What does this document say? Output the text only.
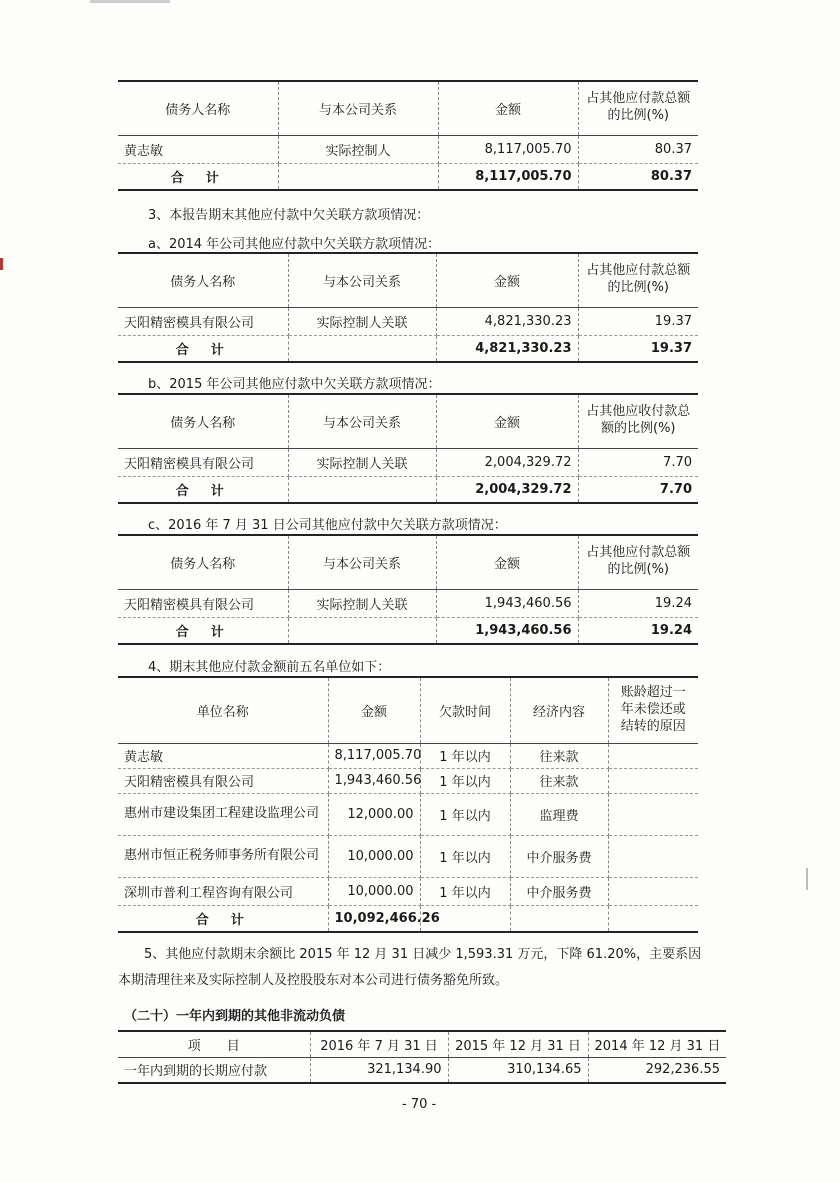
债务人名称	与本公司关系	金额	占其他应付款总额的比例(%)
黄志敏	实际控制人	8,117,005.70	80.37
合计		8,117,005.70	80.37
3、本报告期末其他应付款中欠关联方款项情况：
a、2014 年公司其他应付款中欠关联方款项情况：
债务人名称	与本公司关系	金额	占其他应付款总额的比例(%)
天阳精密模具有限公司	实际控制人关联	4,821,330.23	19.37
合计		4,821,330.23	19.37
b、2015 年公司其他应付款中欠关联方款项情况：
债务人名称	与本公司关系	金额	占其他应收付款总额的比例(%)
天阳精密模具有限公司	实际控制人关联	2,004,329.72	7.70
合计		2,004,329.72	7.70
c、2016 年 7 月 31 日公司其他应付款中欠关联方款项情况：
债务人名称	与本公司关系	金额	占其他应付款总额的比例(%)
天阳精密模具有限公司	实际控制人关联	1,943,460.56	19.24
合计		1,943,460.56	19.24
4、期末其他应付款金额前五名单位如下：
单位名称	金额	欠款时间	经济内容	账龄超过一年未偿还或结转的原因
黄志敏	8,117,005.70	1 年以内	往来款	
天阳精密模具有限公司	1,943,460.56	1 年以内	往来款	
惠州市建设集团工程建设监理公司	12,000.00	1 年以内	监理费	
惠州市恒正税务师事务所有限公司	10,000.00	1 年以内	中介服务费	
深圳市普利工程咨询有限公司	10,000.00	1 年以内	中介服务费	
合计	10,092,466.26			
5、其他应付款期末余额比 2015 年 12 月 31 日减少 1,593.31 万元，下降 61.20%，主要系因本期清理往来及实际控制人及控股股东对本公司进行债务豁免所致。
（二十）一年内到期的其他非流动负债
项　　目	2016 年 7 月 31 日	2015 年 12 月 31 日	2014 年 12 月 31 日
一年内到期的长期应付款	321,134.90	310,134.65	292,236.55
- 70 -
